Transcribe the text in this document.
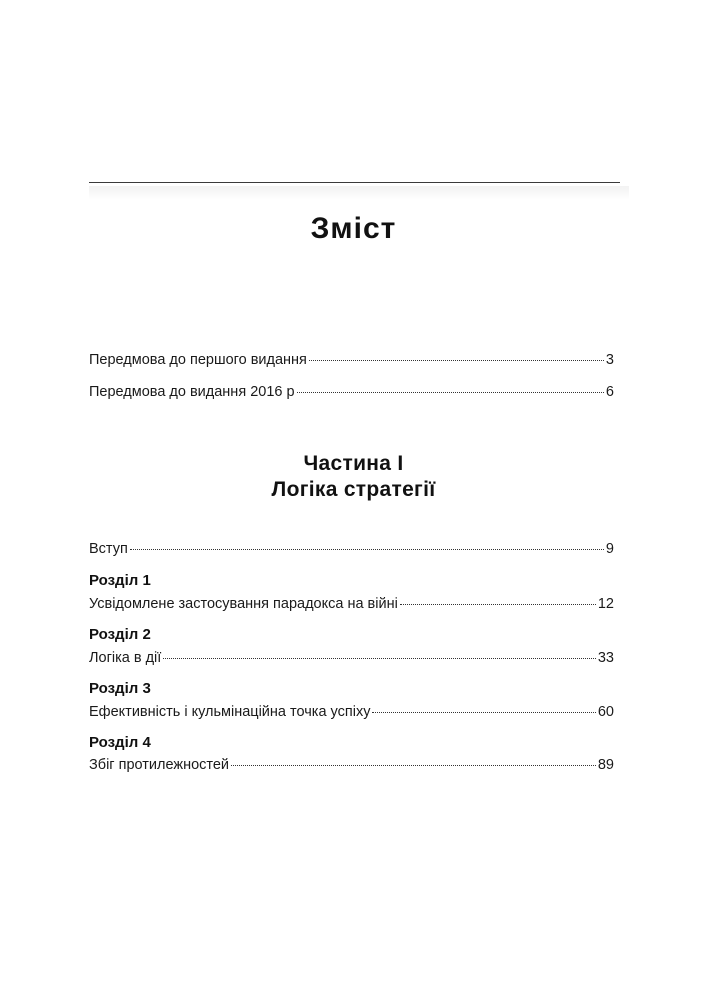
Зміст
Передмова до першого видання	3
Передмова до видання 2016 р	6
Частина I
Логіка стратегії
Вступ	9
Розділ 1
Усвідомлене застосування парадокса на війні	12
Розділ 2
Логіка в дії	33
Розділ 3
Ефективність і кульмінаційна точка успіху	60
Розділ 4
Збіг протилежностей	89
